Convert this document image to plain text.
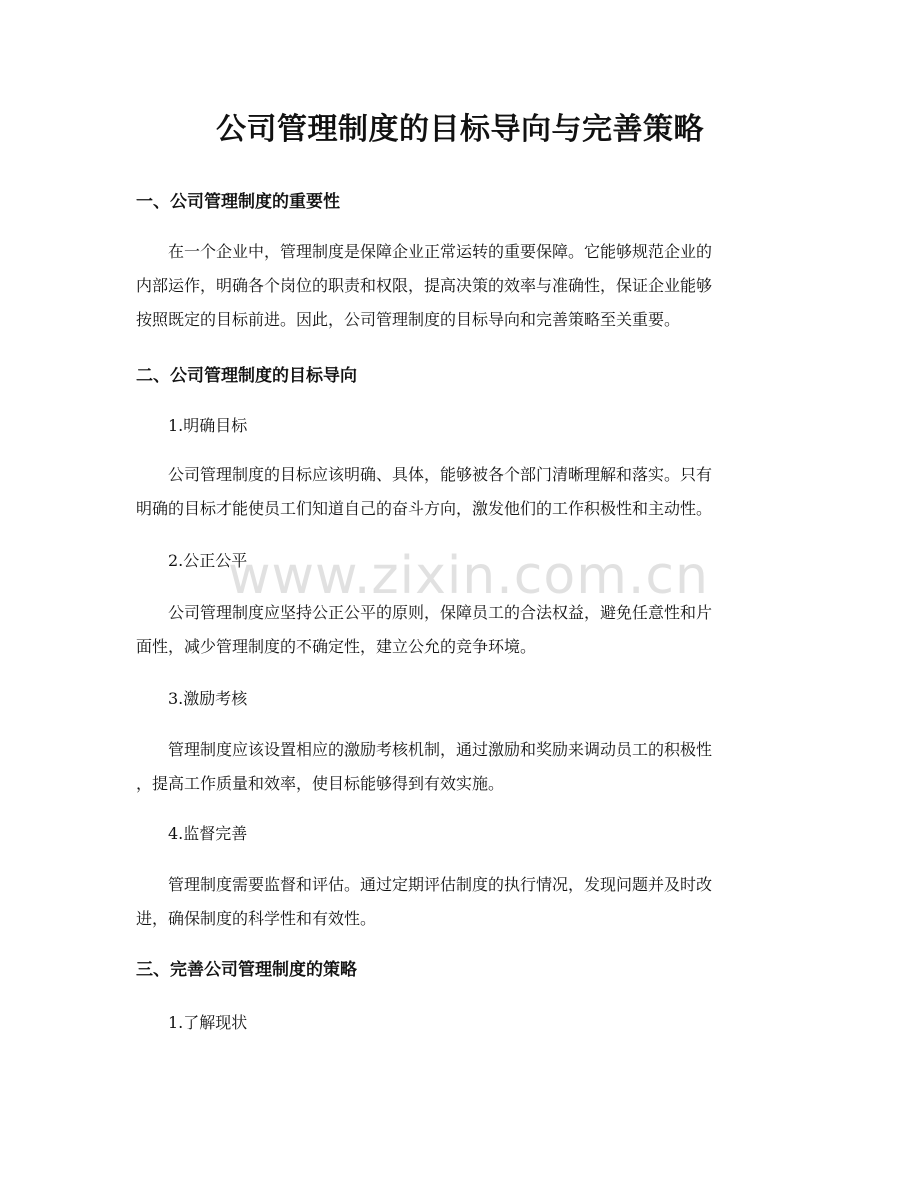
公司管理制度的目标导向与完善策略
一、公司管理制度的重要性

在一个企业中，管理制度是保障企业正常运转的重要保障。它能够规范企业的
内部运作，明确各个岗位的职责和权限，提高决策的效率与准确性，保证企业能够
按照既定的目标前进。因此，公司管理制度的目标导向和完善策略至关重要。

二、公司管理制度的目标导向

1.明确目标

公司管理制度的目标应该明确、具体，能够被各个部门清晰理解和落实。只有
明确的目标才能使员工们知道自己的奋斗方向，激发他们的工作积极性和主动性。

2.公正公平

公司管理制度应坚持公正公平的原则，保障员工的合法权益，避免任意性和片
面性，减少管理制度的不确定性，建立公允的竞争环境。

3.激励考核

管理制度应该设置相应的激励考核机制，通过激励和奖励来调动员工的积极性
，提高工作质量和效率，使目标能够得到有效实施。

4.监督完善

管理制度需要监督和评估。通过定期评估制度的执行情况，发现问题并及时改
进，确保制度的科学性和有效性。

三、完善公司管理制度的策略

1.了解现状

www.zixin.com.cn
